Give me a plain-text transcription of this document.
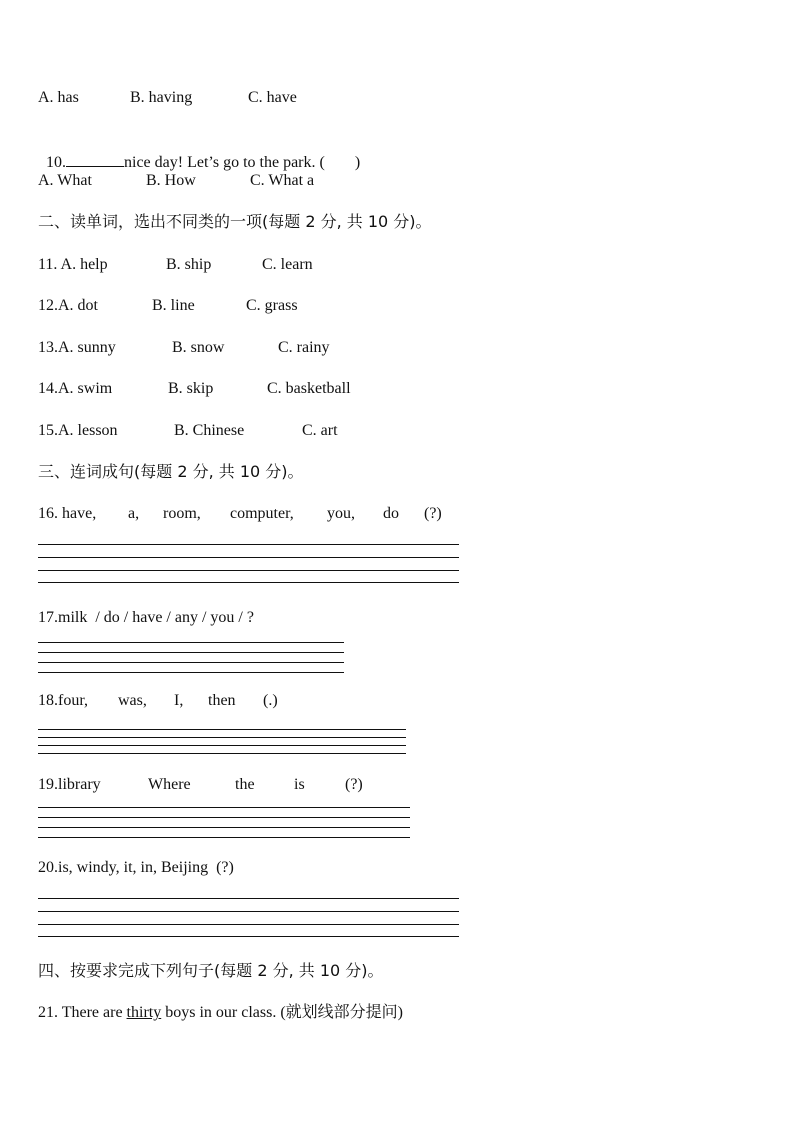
A. has

	B. having

	C. have

10.	nice day! Let’s go to the park. ( )

A. What

	B. How

	C. What a

二、读单词，选出不同类的一项(每题 2 分, 共 10 分)。

11. A. help

	B. ship

	C. learn

12.A. dot

	B. line

	C. grass

13.A. sunny

	B. snow

	C. rainy

14.A. swim

	B. skip

	C. basketball

15.A. lesson

	B. Chinese

	C. art

三、连词成句(每题 2 分, 共 10 分)。

16. have,

a,

room,

computer,

you,

do

(?)

17.milk  / do / have / any / you / ?

18.four,

was,

I,

then

(.)

19.library

	Where

	the

is

	(?)

20.is, windy, it, in, Beijing  (?)
四、按要求完成下列句子(每题 2 分, 共 10 分)。
21. There are thirty boys in our class. (就划线部分提问)
